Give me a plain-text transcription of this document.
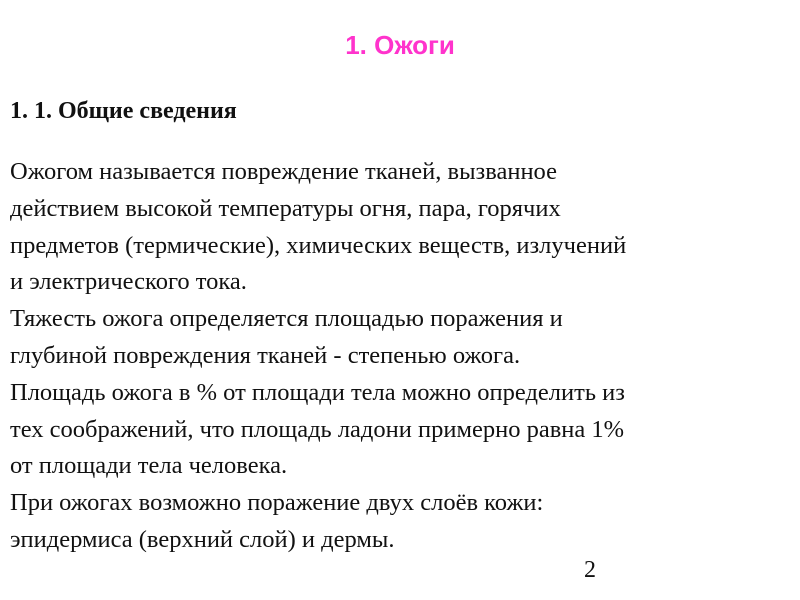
1. Ожоги
1. 1. Общие сведения
Ожогом называется повреждение тканей, вызванное
действием высокой температуры огня, пара, горячих
предметов (термические), химических веществ, излучений
и электрического тока.
Тяжесть ожога определяется площадью поражения и
глубиной повреждения тканей - степенью ожога.
Площадь ожога в % от площади тела можно определить из
тех соображений, что площадь ладони примерно равна 1%
от площади тела человека.
При ожогах возможно поражение двух слоёв кожи:
эпидермиса (верхний слой) и дермы.
2
